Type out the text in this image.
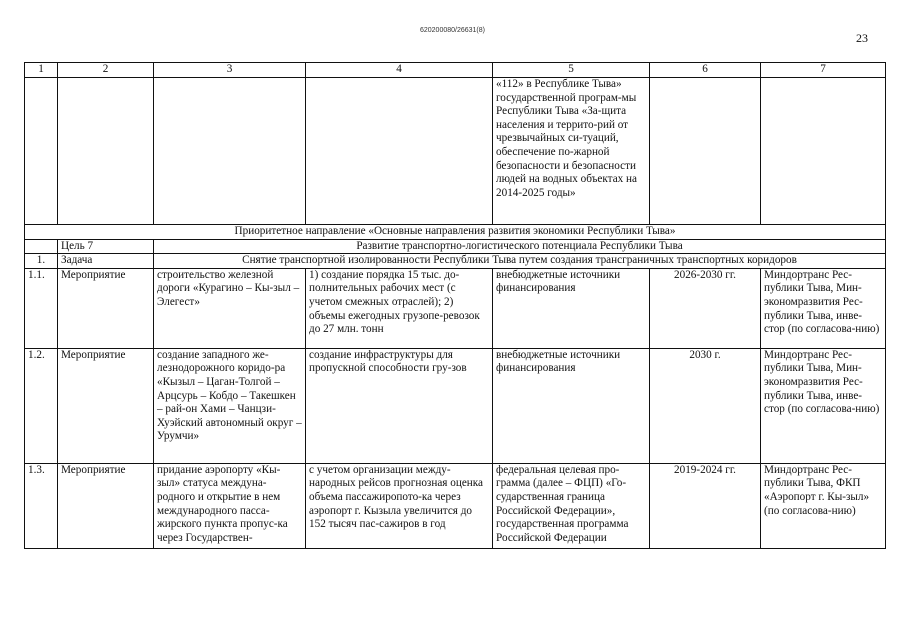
620200080/26631(8)
23
1	2	3	4	5	6	7
				«112» в Республике Тыва» государственной програм-мы Республики Тыва «За-щита населения и террито-рий от чрезвычайных си-туаций, обеспечение по-жарной безопасности и безопасности людей на водных объектах на 2014-2025 годы»		
Приоритетное направление «Основные направления развития экономики Республики Тыва»						
	Цель 7	Развитие транспортно-логистического потенциала Республики Тыва				
1.	Задача	Снятие транспортной изолированности Республики Тыва путем создания трансграничных транспортных коридоров				
1.1.	Мероприятие	строительство железной дороги «Курагино – Кы-зыл – Элегест»	1) создание порядка 15 тыс. до-полнительных рабочих мест (с учетом смежных отраслей); 2) объемы ежегодных грузопе-ревозок до 27 млн. тонн	внебюджетные источники финансирования	2026-2030 гг.	Миндортранс Рес-публики Тыва, Мин-экономразвития Рес-публики Тыва, инве-стор (по согласова-нию)
1.2.	Мероприятие	создание западного же-лезнодорожного коридо-ра «Кызыл – Цаган-Толгой – Арцсурь – Кобдо – Такешкен – рай-он Хами – Чанцзи-Хуэйский автономный округ – Урумчи»	создание инфраструктуры для пропускной способности гру-зов	внебюджетные источники финансирования	2030 г.	Миндортранс Рес-публики Тыва, Мин-экономразвития Рес-публики Тыва, инве-стор (по согласова-нию)
1.3.	Мероприятие	придание аэропорту «Кы-зыл» статуса междуна-родного и открытие в нем международного пасса-жирского пункта пропус-ка через Государствен-	с учетом организации между-народных рейсов прогнозная оценка объема пассажиропото-ка через аэропорт г. Кызыла увеличится до 152 тысяч пас-сажиров в год	федеральная целевая про-грамма (далее – ФЦП) «Го-сударственная граница Российской Федерации», государственная программа Российской Федерации	2019-2024 гг.	Миндортранс Рес-публики Тыва, ФКП «Аэропорт г. Кы-зыл» (по согласова-нию)
